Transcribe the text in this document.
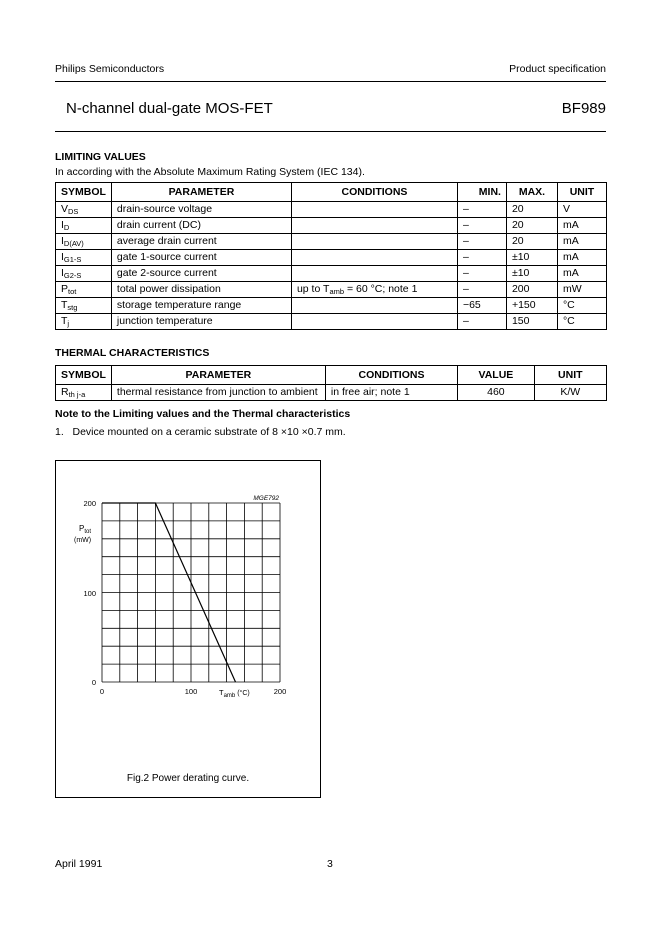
Philips Semiconductors	Product specification
N-channel dual-gate MOS-FET	BF989
LIMITING VALUES
In according with the Absolute Maximum Rating System (IEC 134).
SYMBOL	PARAMETER	CONDITIONS	MIN.	MAX.	UNIT
$V_{DS}$	drain-source voltage		–	20	V
$I_D$	drain current (DC)		–	20	mA
$I_{D(AV)}$	average drain current		–	20	mA
$I_{G1-S}$	gate 1-source current		–	±10	mA
$I_{G2-S}$	gate 2-source current		–	±10	mA
$P_{tot}$	total power dissipation	up to $T_{amb} = 60$ °C; note 1	–	200	mW
$T_{stg}$	storage temperature range		−65	+150	°C
$T_j$	junction temperature		–	150	°C
THERMAL CHARACTERISTICS
SYMBOL	PARAMETER	CONDITIONS	VALUE	UNIT
$R_{th j-a}$	thermal resistance from junction to ambient	in free air; note 1	460	K/W
Note to the Limiting values and the Thermal characteristics
1.   Device mounted on a ceramic substrate of 8 ×10 ×0.7 mm.
MGE792
200
100
0
0	100	200
$P_{tot}$
(mW)
$T_{amb}$ (°C)
Fig.2 Power derating curve.
April 1991	3
